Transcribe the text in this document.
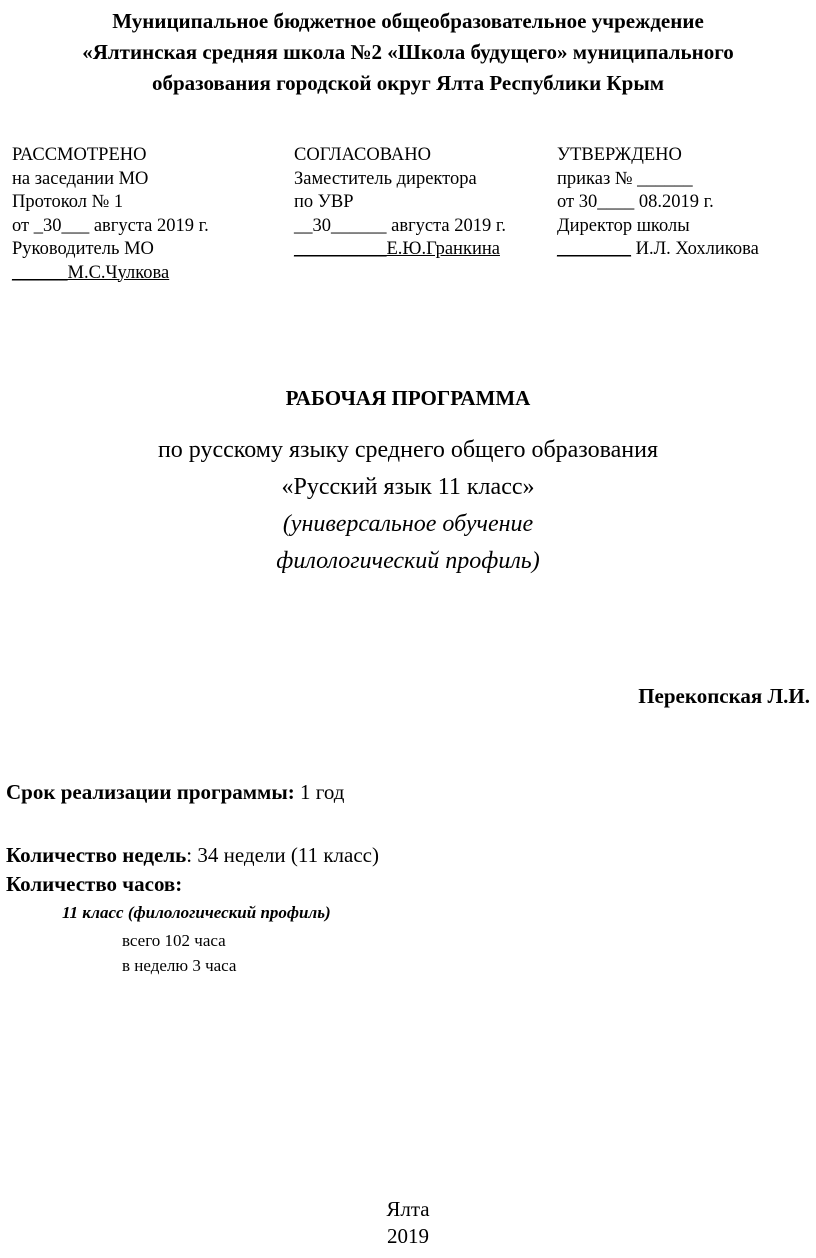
Муниципальное бюджетное общеобразовательное учреждение
«Ялтинская средняя школа №2 «Школа будущего» муниципального
образования городской округ Ялта Республики Крым
РАССМОТРЕНО
на заседании МО
Протокол № 1
от _30___ августа 2019 г.
Руководитель МО
______М.С.Чулкова
СОГЛАСОВАНО
Заместитель директора
по УВР
__30______ августа 2019 г.
__________Е.Ю.Гранкина
УТВЕРЖДЕНО
приказ № ______
от 30____ 08.2019 г.
Директор школы
________ И.Л. Хохликова
РАБОЧАЯ ПРОГРАММА
по русскому языку среднего общего образования
«Русский язык 11 класс»
(универсальное обучение
филологический профиль)
Перекопская Л.И.
Срок реализации программы: 1 год
Количество недель: 34 недели (11 класс)
Количество часов:
11 класс (филологический профиль)
всего 102 часа
в неделю 3 часа
Ялта
2019
